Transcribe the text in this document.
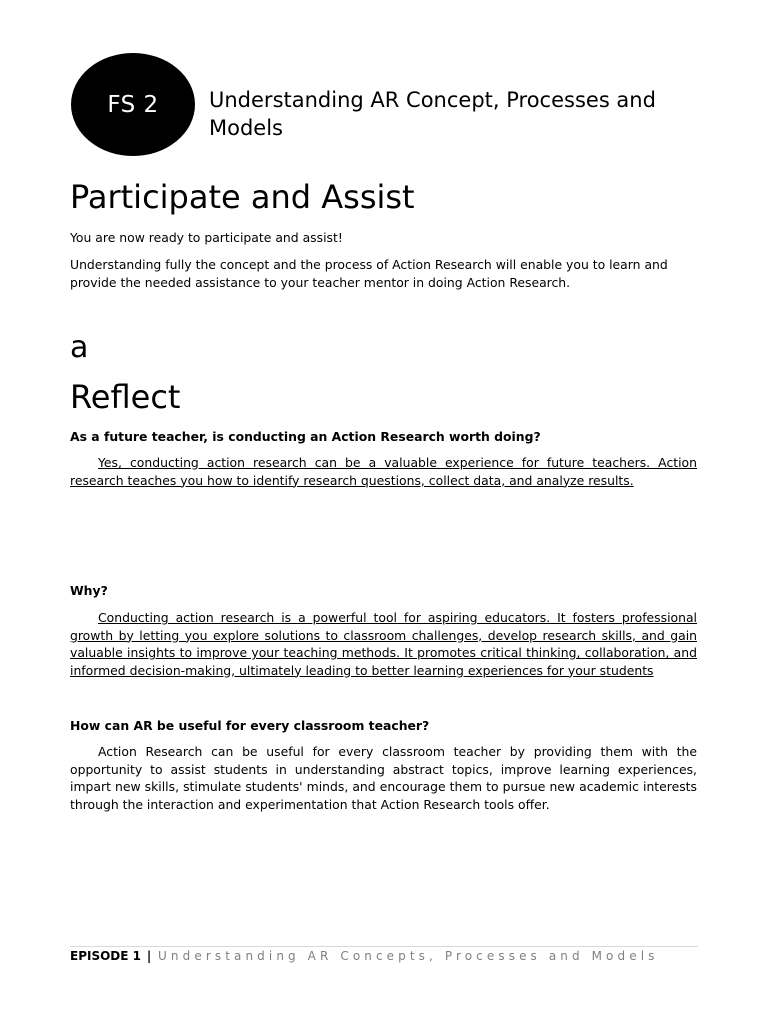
FS 2 Understanding AR Concept, Processes and Models
Participate and Assist
You are now ready to participate and assist!
Understanding fully the concept and the process of Action Research will enable you to learn and provide the needed assistance to your teacher mentor in doing Action Research.
a
Reflect
As a future teacher, is conducting an Action Research worth doing?
Yes, conducting action research can be a valuable experience for future teachers. Action research teaches you how to identify research questions, collect data, and analyze results.
Why?
Conducting action research is a powerful tool for aspiring educators. It fosters professional growth by letting you explore solutions to classroom challenges, develop research skills, and gain valuable insights to improve your teaching methods. It promotes critical thinking, collaboration, and informed decision-making, ultimately leading to better learning experiences for your students
How can AR be useful for every classroom teacher?
Action Research can be useful for every classroom teacher by providing them with the opportunity to assist students in understanding abstract topics, improve learning experiences, impart new skills, stimulate students' minds, and encourage them to pursue new academic interests through the interaction and experimentation that Action Research tools offer.
EPISODE 1 | Understanding AR Concepts, Processes and Models
